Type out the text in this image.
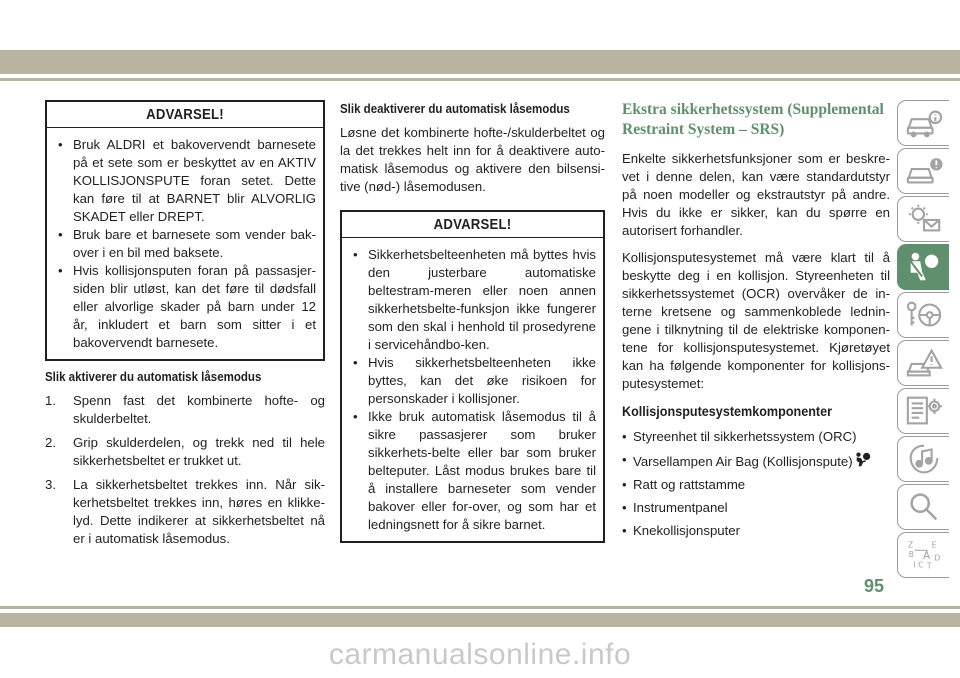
ADVARSEL!
• Bruk ALDRI et bakovervendt barnesete på et sete som er beskyttet av en AKTIV KOLLISJONSPUTE foran setet. Dette kan føre til at BARNET blir ALVORLIG SKADET eller DREPT.
• Bruk bare et barnesete som vender bak-over i en bil med baksete.
• Hvis kollisjonsputen foran på passasjer-siden blir utløst, kan det føre til dødsfall eller alvorlige skader på barn under 12 år, inkludert et barn som sitter i et bakovervendt barnesete.
Slik aktiverer du automatisk låsemodus
1. Spenn fast det kombinerte hofte- og skulderbeltet.
2. Grip skulderdelen, og trekk ned til hele sikkerhetsbeltet er trukket ut.
3. La sikkerhetsbeltet trekkes inn. Når sik-kerhetsbeltet trekkes inn, høres en klikke-lyd. Dette indikerer at sikkerhetsbeltet nå er i automatisk låsemodus.
Slik deaktiverer du automatisk låsemodus

Løsne det kombinerte hofte-/skulderbeltet og la det trekkes helt inn for å deaktivere auto-matisk låsemodus og aktivere den bilsensi-tive (nød-) låsemodusen.

ADVARSEL!
• Sikkerhetsbelteenheten må byttes hvis den justerbare automatiske beltestram-meren eller noen annen sikkerhetsbelte-funksjon ikke fungerer som den skal i henhold til prosedyrene i servicehåndbo-ken.
• Hvis sikkerhetsbelteenheten ikke byttes, kan det øke risikoen for personskader i kollisjoner.
• Ikke bruk automatisk låsemodus til å sikre passasjerer som bruker sikkerhets-belte eller bar som bruker belteputer. Låst modus brukes bare til å installere barneseter som vender bakover eller for-over, og som har et ledningsnett for å sikre barnet.
Ekstra sikkerhetssystem (Supplemental Restraint System – SRS)

Enkelte sikkerhetsfunksjoner som er beskre-vet i denne delen, kan være standardutstyr på noen modeller og ekstrautstyr på andre. Hvis du ikke er sikker, kan du spørre en autorisert forhandler.

Kollisjonsputesystemet må være klart til å beskytte deg i en kollisjon. Styreenheten til sikkerhetssystemet (OCR) overvåker de in-terne kretsene og sammenkoblede lednin-gene i tilknytning til de elektriske komponen-tene for kollisjonsputesystemet. Kjøretøyet kan ha følgende komponenter for kollisjons-putesystemet:

Kollisjonsputesystemkomponenter
• Styreenhet til sikkerhetssystem (ORC)
• Varsellampen Air Bag (Kollisjonspute)
• Ratt og rattstamme
• Instrumentpanel
• Knekollisjonsputer
Z E
B A
I C
D
T
95
carmanualsonline.info
